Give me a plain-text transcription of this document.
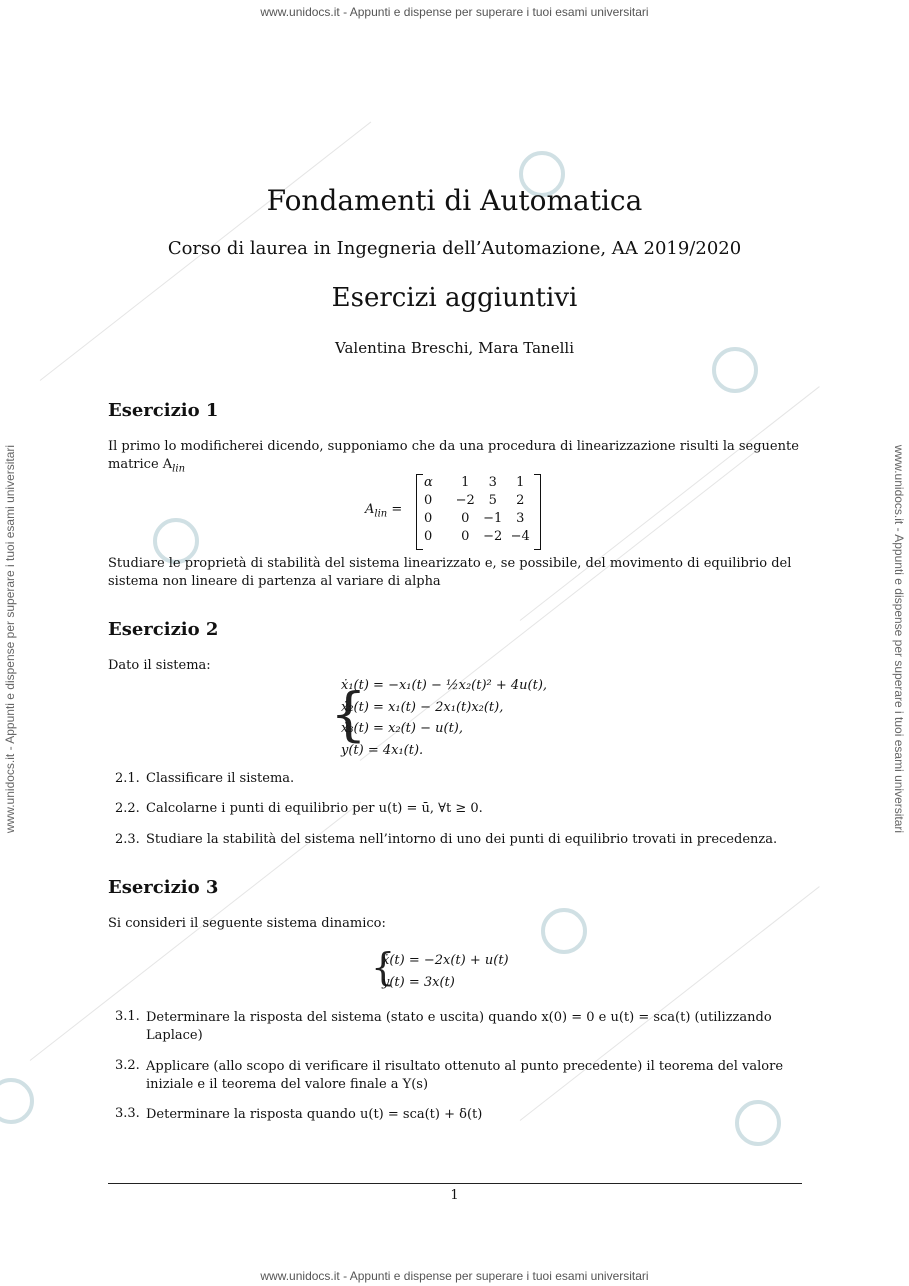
www.unidocs.it - Appunti e dispense per superare i tuoi esami universitari
www.unidocs.it - Appunti e dispense per superare i tuoi esami universitari
www.unidocs.it - Appunti e dispense per superare i tuoi esami universitari	www.unidocs.it - Appunti e dispense per superare i tuoi esami universitari
Fondamenti di Automatica
Corso di laurea in Ingegneria dell’Automazione, AA 2019/2020
Esercizi aggiuntivi
Valentina Breschi, Mara Tanelli
Esercizio 1
Il primo lo modificherei dicendo, supponiamo che da una procedura di linearizzazione risulti la seguente
matrice $A_{lin}$
$A_{lin}$ =
α	1	3	1
0	−2	5	2
0	0	−1	3
0	0	−2 −4
Studiare le proprietà di stabilità del sistema linearizzato e, se possibile, del movimento di equilibrio del
sistema non lineare di partenza al variare di alpha
Esercizio 2
Dato il sistema:
{
ẋ₁(t) = −x₁(t) − ½x₂(t)² + 4u(t),
ẋ₂(t) = x₁(t) − 2x₁(t)x₂(t),
ẋ₃(t) = x₂(t) − u(t),
y(t) = 4x₁(t).
2.1. Classificare il sistema.
2.2. Calcolarne i punti di equilibrio per u(t) = ū, ∀t ≥ 0.
2.3. Studiare la stabilità del sistema nell’intorno di uno dei punti di equilibrio trovati in precedenza.
Esercizio 3
Si consideri il seguente sistema dinamico:
{
ẋ(t) = −2x(t) + u(t)
y(t) = 3x(t)
3.1. Determinare la risposta del sistema (stato e uscita) quando x(0) = 0 e u(t) = sca(t) (utilizzando
Laplace)
3.2. Applicare (allo scopo di verificare il risultato ottenuto al punto precedente) il teorema del valore
iniziale e il teorema del valore finale a Y(s)
3.3. Determinare la risposta quando u(t) = sca(t) + δ(t)
1
